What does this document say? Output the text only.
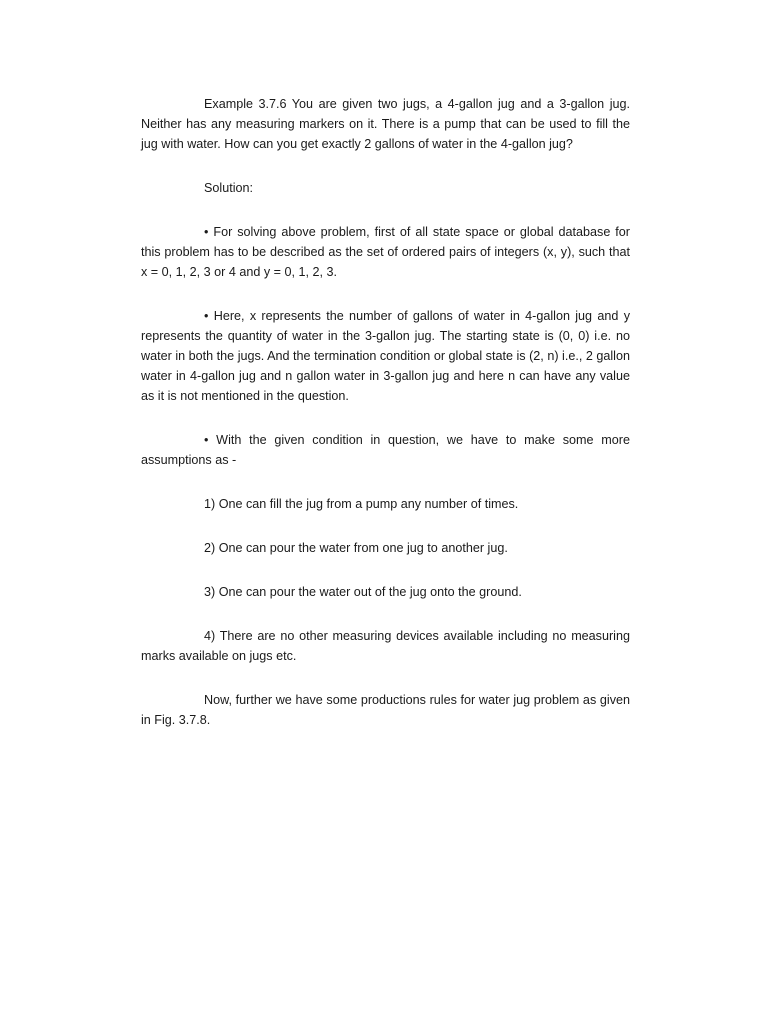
Example 3.7.6 You are given two jugs, a 4-gallon jug and a 3-gallon jug. Neither has any measuring markers on it. There is a pump that can be used to fill the jug with water. How can you get exactly 2 gallons of water in the 4-gallon jug?

Solution:

• For solving above problem, first of all state space or global database for this problem has to be described as the set of ordered pairs of integers (x, y), such that x = 0, 1, 2, 3 or 4 and y = 0, 1, 2, 3.

• Here, x represents the number of gallons of water in 4-gallon jug and y represents the quantity of water in the 3-gallon jug. The starting state is (0, 0) i.e. no water in both the jugs. And the termination condition or global state is (2, n) i.e., 2 gallon water in 4-gallon jug and n gallon water in 3-gallon jug and here n can have any value as it is not mentioned in the question.

• With the given condition in question, we have to make some more assumptions as -

1) One can fill the jug from a pump any number of times.

2) One can pour the water from one jug to another jug.

3) One can pour the water out of the jug onto the ground.

4) There are no other measuring devices available including no measuring marks available on jugs etc.

Now, further we have some productions rules for water jug problem as given in Fig. 3.7.8.
